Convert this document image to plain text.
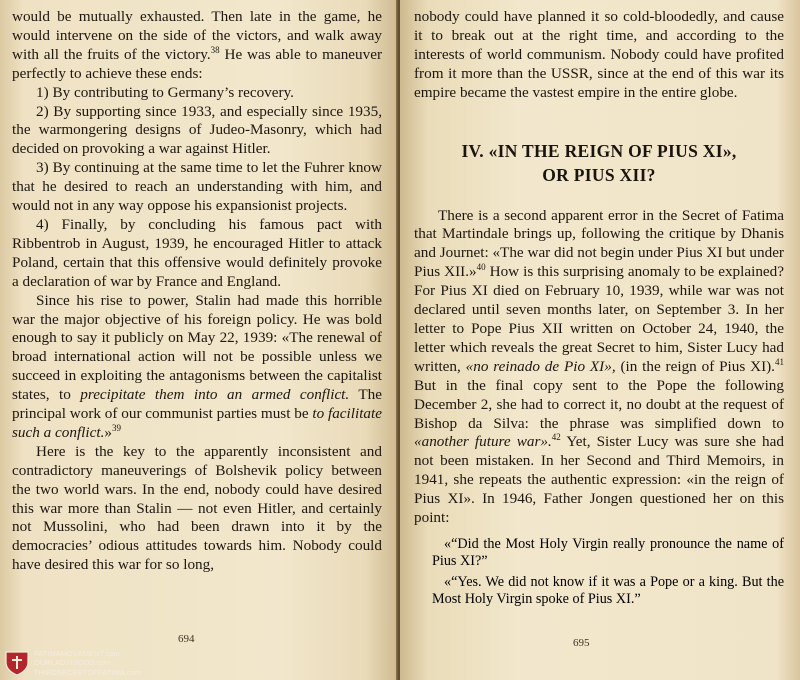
would be mutually exhausted. Then late in the game, he would intervene on the side of the victors, and walk away with all the fruits of the victory.$^{38}$ He was able to maneuver perfectly to achieve these ends:

1) By contributing to Germany’s recovery.

2) By supporting since 1933, and especially since 1935, the warmongering designs of Judeo-Masonry, which had decided on provoking a war against Hitler.

3) By continuing at the same time to let the Fuhrer know that he desired to reach an understanding with him, and would not in any way oppose his expansionist projects.

4) Finally, by concluding his famous pact with Ribbentrob in August, 1939, he encouraged Hitler to attack Poland, certain that this offensive would definitely provoke a declaration of war by France and England.

Since his rise to power, Stalin had made this horrible war the major objective of his foreign policy. He was bold enough to say it publicly on May 22, 1939: «The renewal of broad international action will not be possible unless we succeed in exploiting the antagonisms between the capitalist states, to precipitate them into an armed conflict. The principal work of our communist parties must be to facilitate such a conflict.»$^{39}$

Here is the key to the apparently inconsistent and contradictory maneuverings of Bolshevik policy between the two world wars. In the end, nobody could have desired this war more than Stalin — not even Hitler, and certainly not Mussolini, who had been drawn into it by the democracies’ odious attitudes towards him. Nobody could have desired this war for so long,

694

nobody could have planned it so cold-bloodedly, and cause it to break out at the right time, and according to the interests of world communism. Nobody could have profited from it more than the USSR, since at the end of this war its empire became the vastest empire in the entire globe.

IV. «IN THE REIGN OF PIUS XI»,
OR PIUS XII?

There is a second apparent error in the Secret of Fatima that Martindale brings up, following the critique by Dhanis and Journet: «The war did not begin under Pius XI but under Pius XII.»$^{40}$ How is this surprising anomaly to be explained? For Pius XI died on February 10, 1939, while war was not declared until seven months later, on September 3. In her letter to Pope Pius XII written on October 24, 1940, the letter which reveals the great Secret to him, Sister Lucy had written, «no reinado de Pio XI», (in the reign of Pius XI).$^{41}$ But in the final copy sent to the Pope the following December 2, she had to correct it, no doubt at the request of Bishop da Silva: the phrase was simplified down to «another future war».$^{42}$ Yet, Sister Lucy was sure she had not been mistaken. In her Second and Third Memoirs, in 1941, she repeats the authentic expression: «in the reign of Pius XI». In 1946, Father Jongen questioned her on this point:

«“Did the Most Holy Virgin really pronounce the name of Pius XI?”

«“Yes. We did not know if it was a Pope or a king. But the Most Holy Virgin spoke of Pius XI.”

695
FATIMAMOVEMENT.com
OURLADYISGOD.com
THIRDSECRETOFFATIMA.com
